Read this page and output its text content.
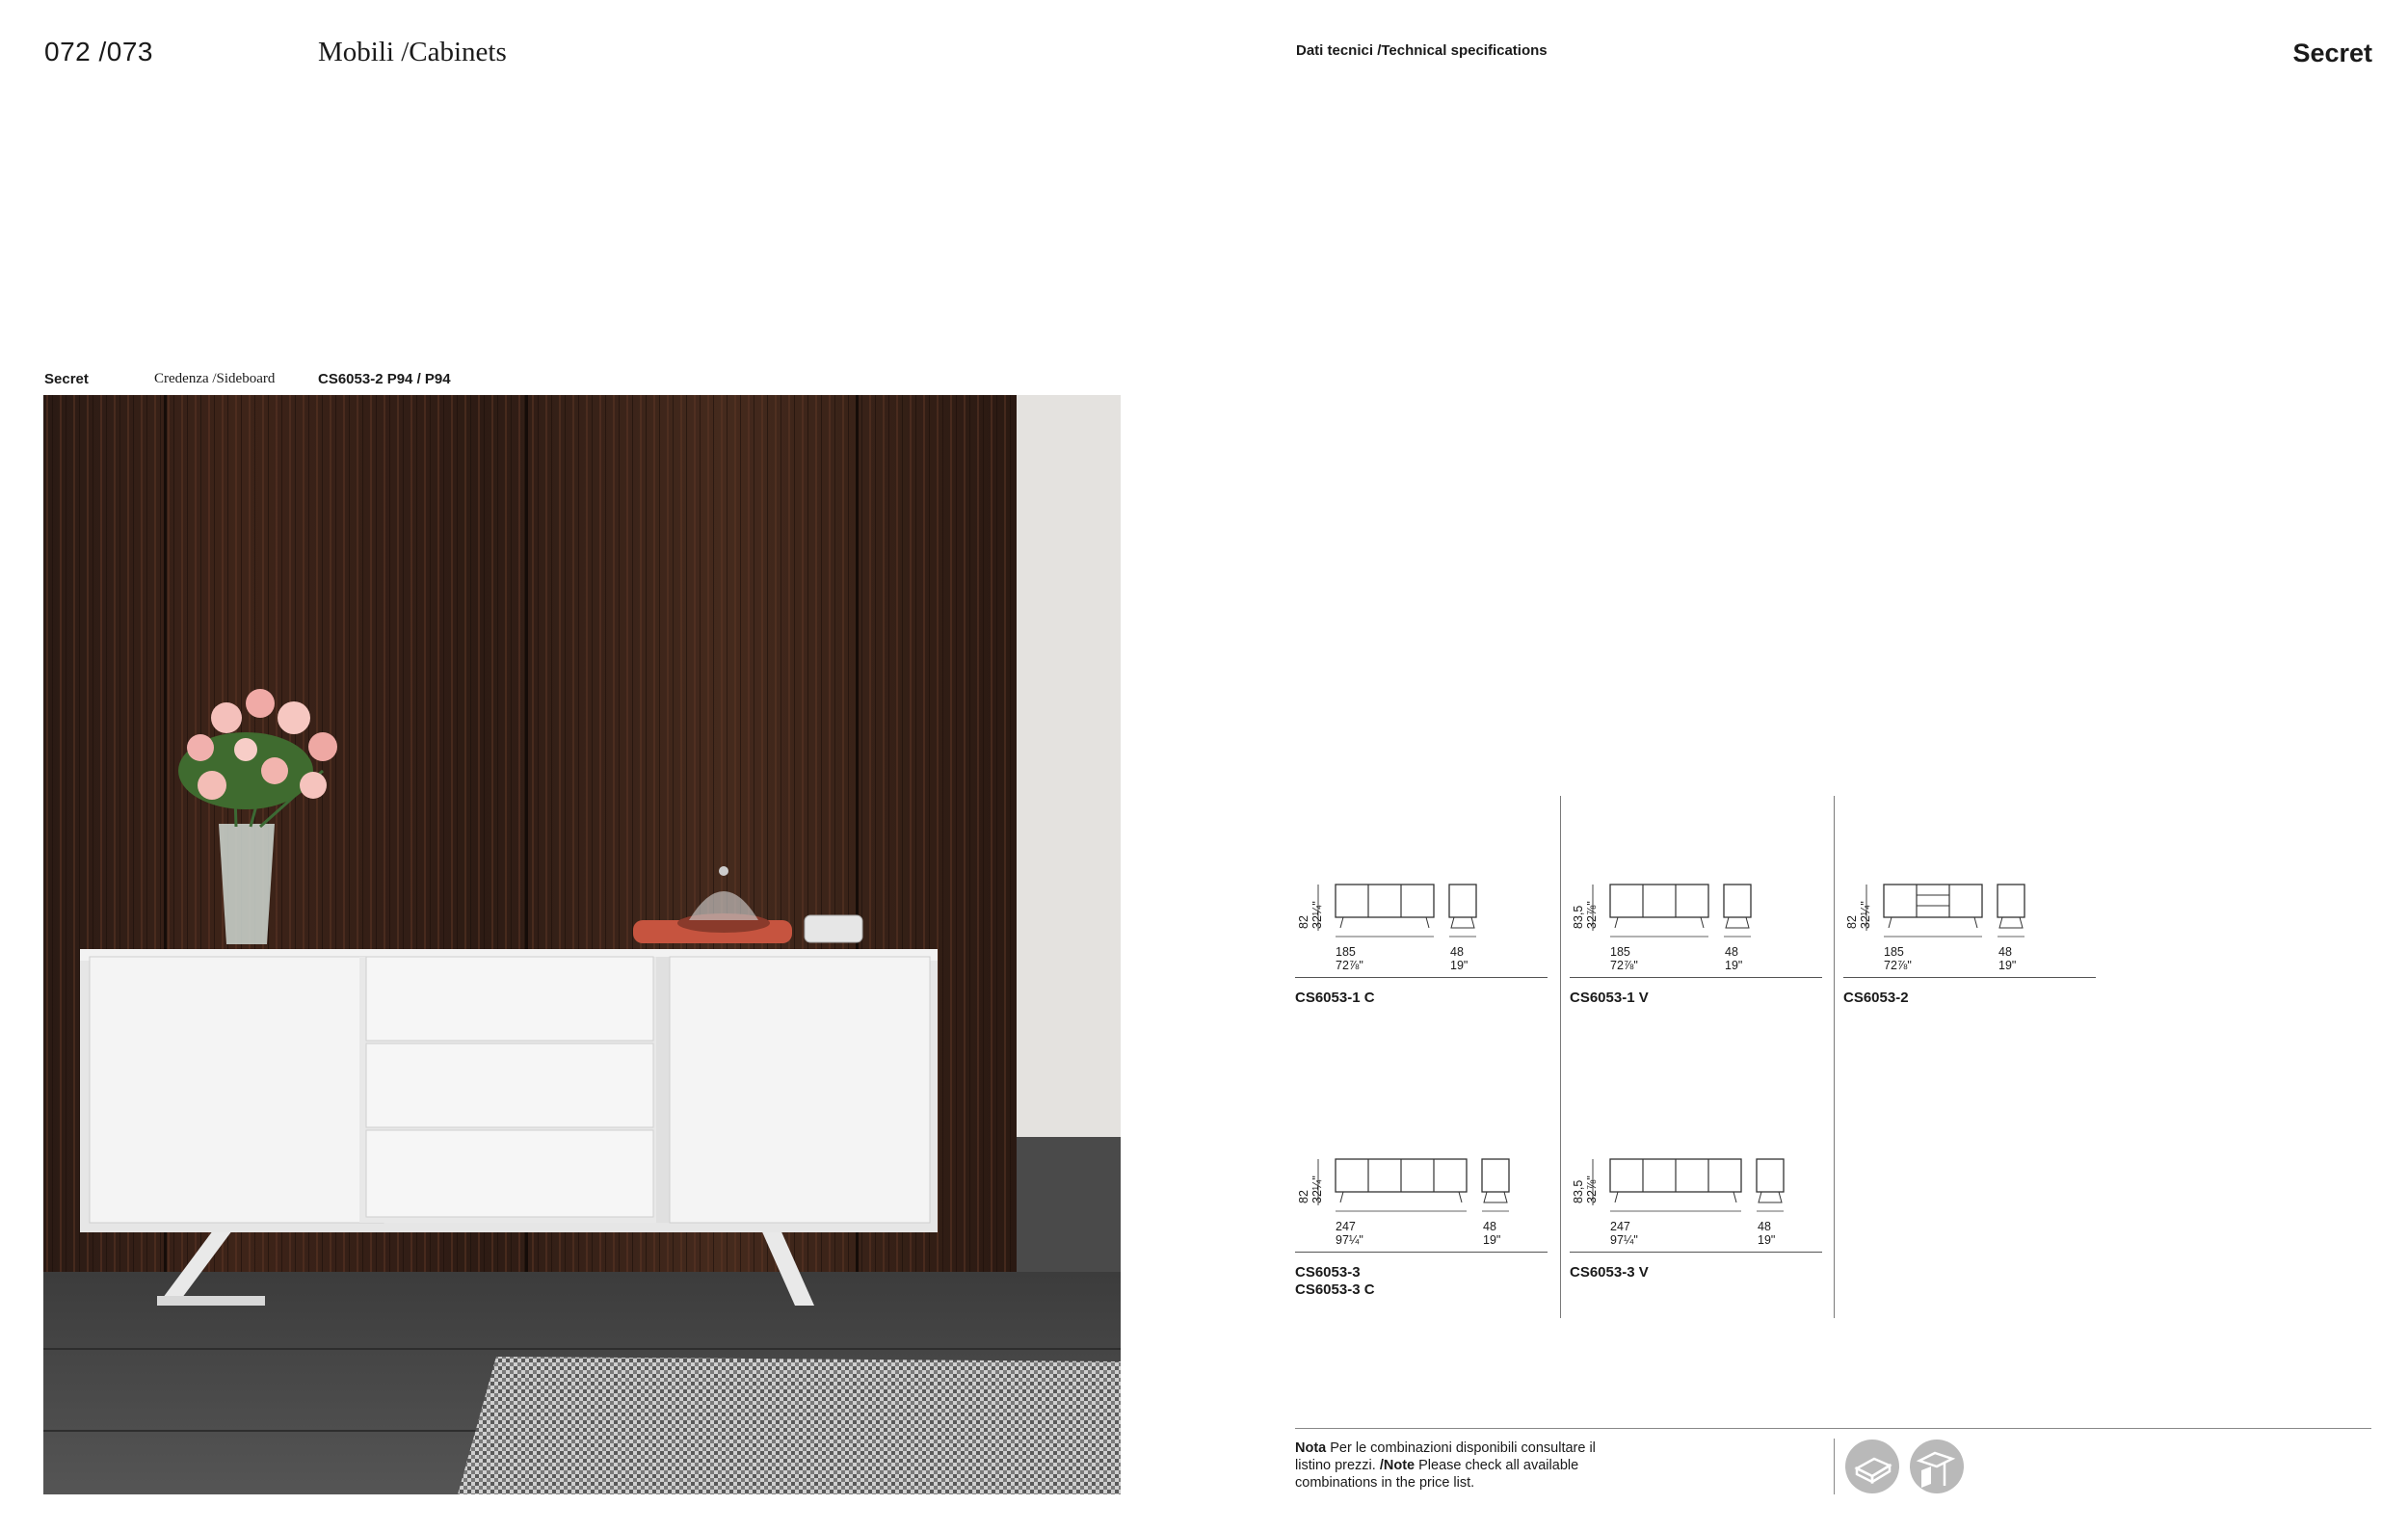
072 /073	Mobili /Cabinets	Dati tecnici /Technical specifications	Secret
Secret	Credenza /Sideboard	CS6053-2 P94 / P94
82
32¼"
185
72⅞"
48
19"
CS6053-1 C
83,5
32⅞"
185
72⅞"
48
19"
CS6053-1 V
82
32¼"
185
72⅞"
48
19"
CS6053-2
82
32¼"
247
97¼"
48
19"
CS6053-3
CS6053-3 C
83,5
32⅞"
247
97¼"
48
19"
CS6053-3 V
Nota Per le combinazioni disponibili consultare il listino prezzi. /Note Please check all available combinations in the price list.
